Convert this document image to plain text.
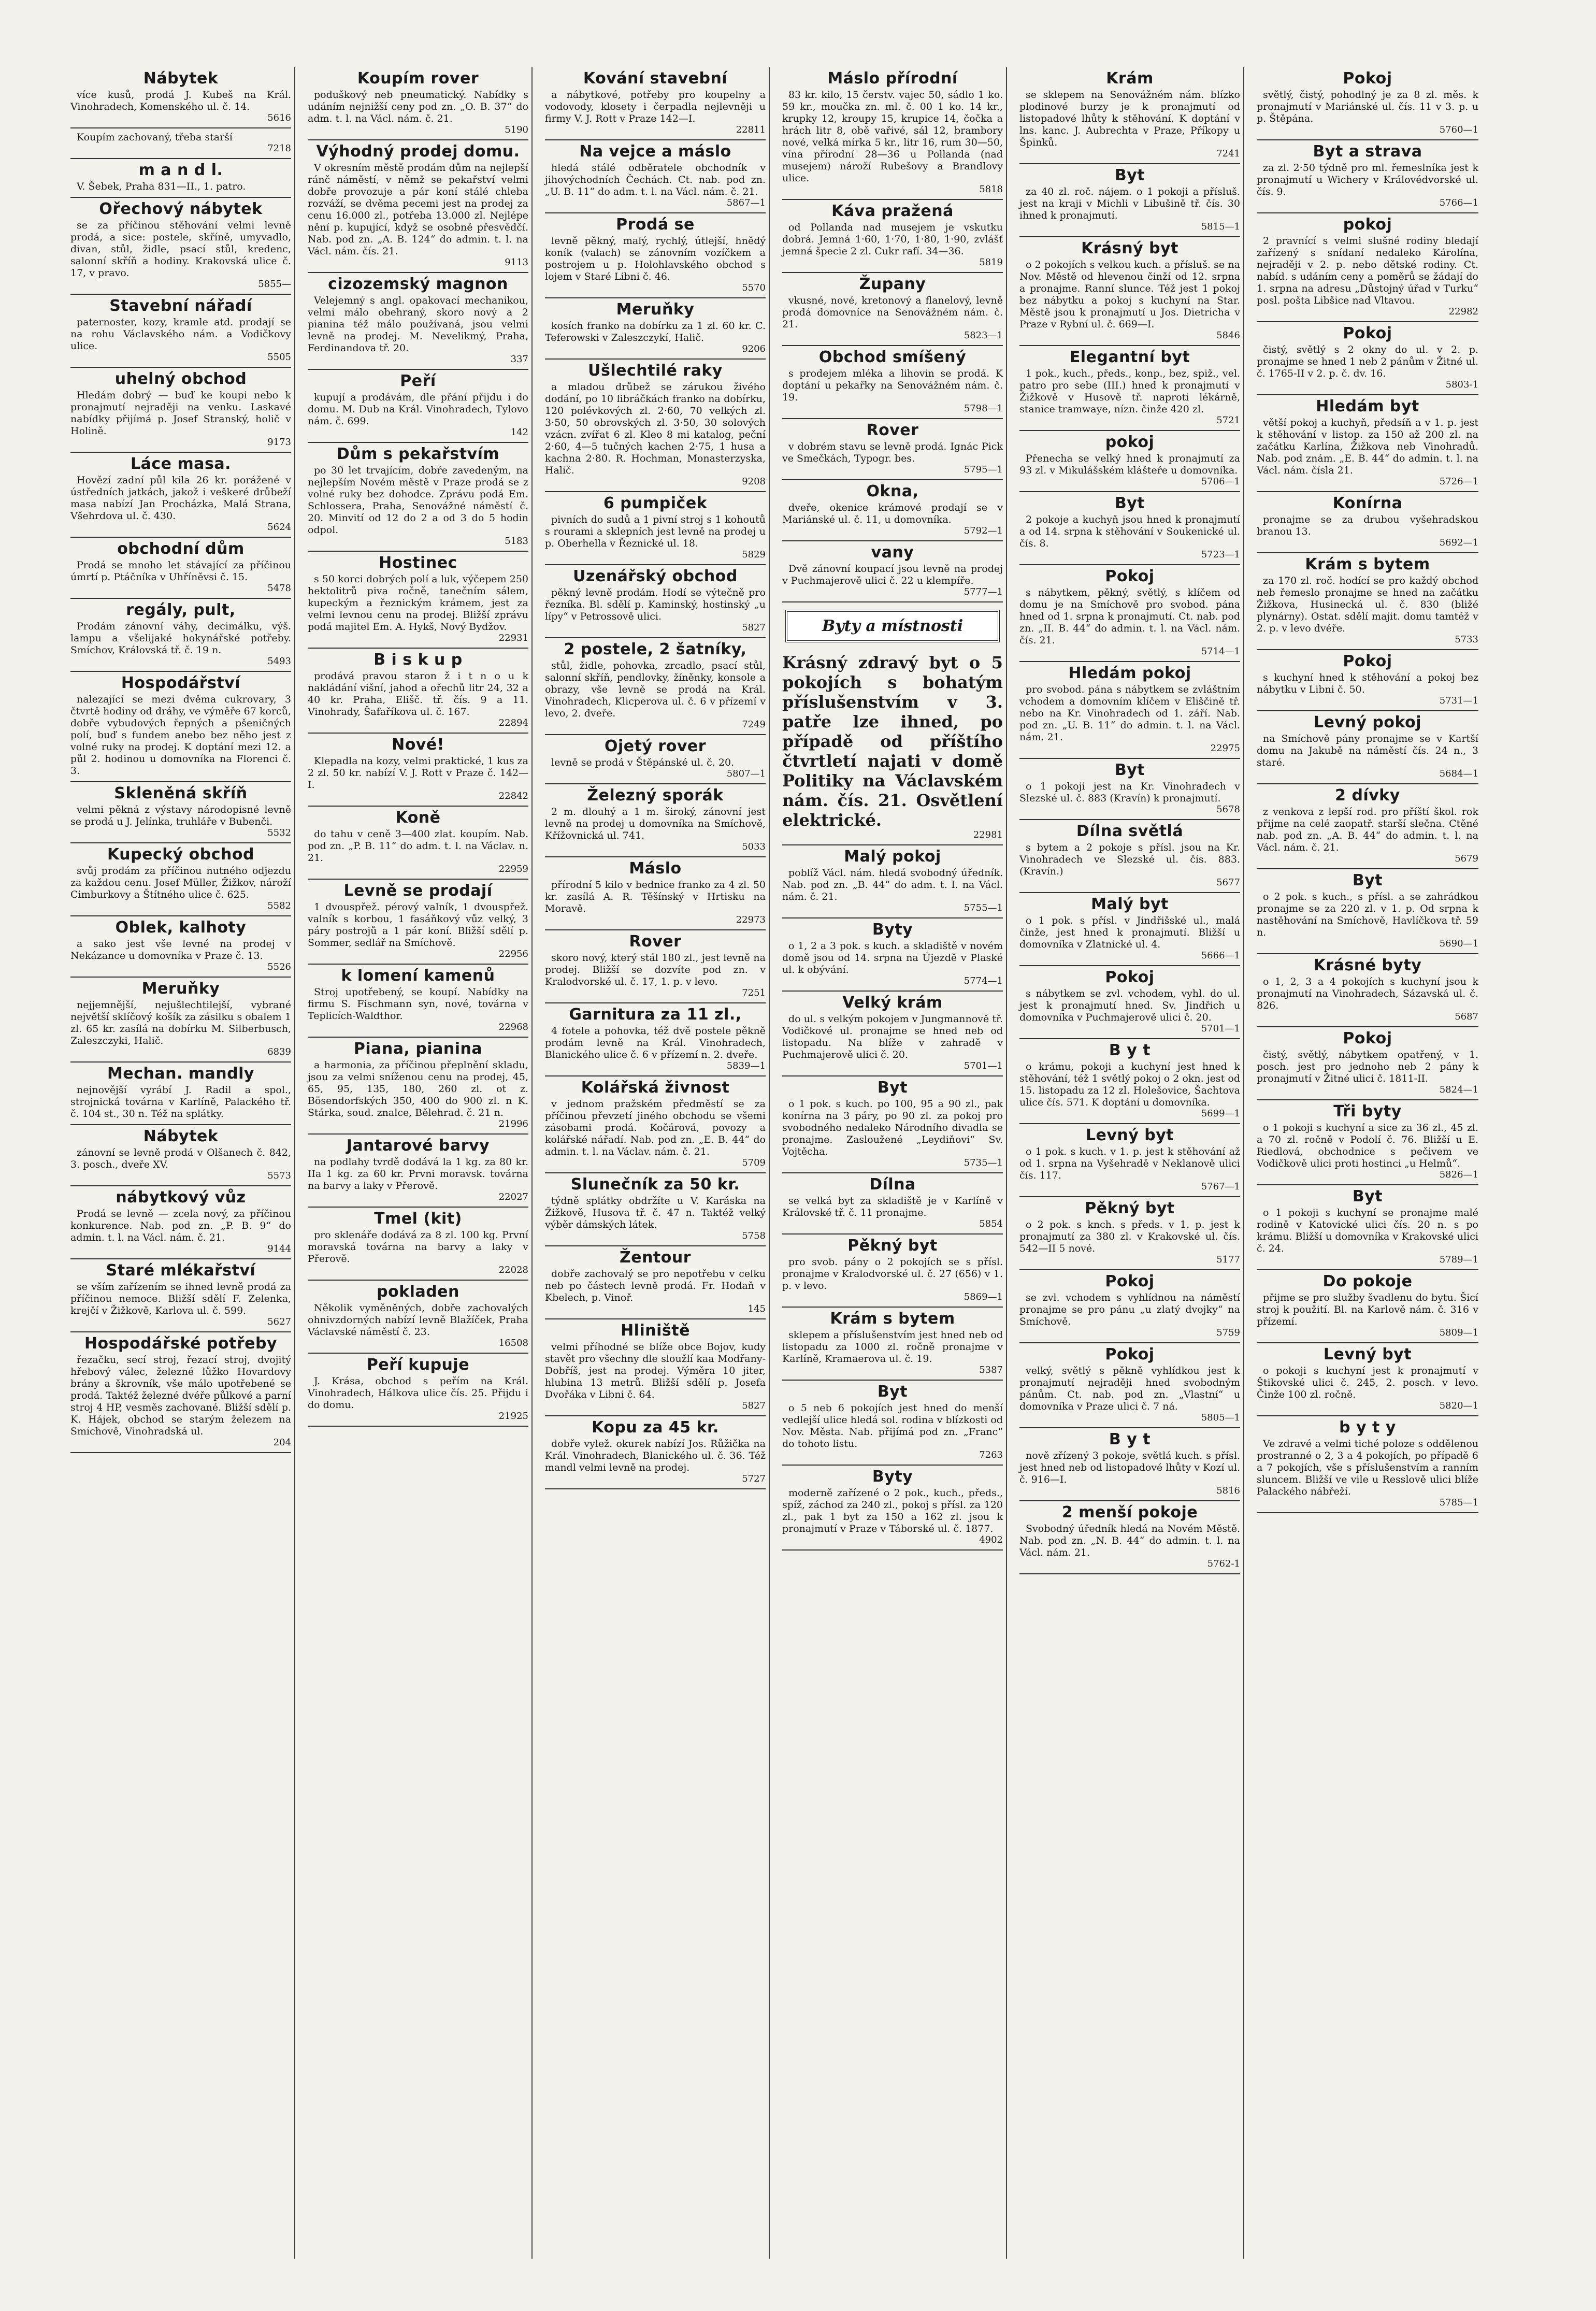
Nábytek

více kusů, prodá J. Kubeš na Král. Vinohradech, Komenského ul. č. 14.

5616

Koupím zachovaný, třeba starší

7218
m a n d l.

V. Šebek, Praha 831—II., 1. patro.

Ořechový nábytek

se za příčinou stěhování velmi levně prodá, a sice: postele, skříně, umyvadlo, divan, stůl, židle, psací stůl, kredenc, salonní skříň a hodiny. Krakovská ulice č. 17, v pravo.

5855—
Stavební nářadí

paternoster, kozy, kramle atd. prodají se na rohu Václavského nám. a Vodičkovy ulice.

5505
uhelný obchod

Hledám dobrý — buď ke koupi nebo k pronajmutí nejraději na venku. Laskavé nabídky přijímá p. Josef Stranský, holič v Holině.

9173
Láce masa.

Hovězí zadní půl kila 26 kr. porážené v ústředních jatkách, jakož i veškeré drůbeží masa nabízí Jan Procházka, Malá Strana, Všehrdova ul. č. 430.

5624
obchodní dům

Prodá se mnoho let stávající za příčinou úmrtí p. Ptáčníka v Uhříněvsi č. 15.

5478
regály, pult,

Prodám zánovní váhy, decimálku, výš. lampu a všelijaké hokynářské potřeby. Smíchov, Královská tř. č. 19 n.

5493
Hospodářství

nalezající se mezi dvěma cukrovary, 3 čtvrtě hodiny od dráhy, ve výměře 67 korců, dobře vybudových řepných a pšeničných polí, buď s fundem anebo bez něho jest z volné ruky na prodej. K doptání mezi 12. a půl 2. hodinou u domovníka na Florenci č. 3.

Skleněná skříň

velmi pěkná z výstavy národopisné levně se prodá u J. Jelínka, truhláře v Bubenči.

5532
Kupecký obchod

svůj prodám za příčinou nutného odjezdu za každou cenu. Josef Müller, Žižkov, nároží Cimburkovy a Štítného ulice č. 625.

5582
Oblek, kalhoty

a sako jest vše levné na prodej v Nekázance u domovníka v Praze č. 13.

5526
Meruňky

nejjemnější, nejušlechtilejší, vybrané největší sklíčový košík za zásilku s obalem 1 zl. 65 kr. zasílá na dobírku M. Silberbusch, Zaleszczyki, Halič.

6839
Mechan. mandly

nejnovější vyrábí J. Radil a spol., strojnická továrna v Karlíně, Palackého tř. č. 104 st., 30 n. Též na splátky.

Nábytek

zánovní se levně prodá v Olšanech č. 842, 3. posch., dveře XV.

5573
nábytkový vůz

Prodá se levně — zcela nový, za příčinou konkurence. Nab. pod zn. „P. B. 9“ do admin. t. l. na Václ. nám. č. 21.

9144
Staré mlékařství

se vším zařízením se ihned levně prodá za příčinou nemoce. Bližší sdělí F. Zelenka, krejčí v Žižkově, Karlova ul. č. 599.

5627
Hospodářské potřeby

řezačku, secí stroj, řezací stroj, dvojitý hřebový válec, železné lůžko Hovardovy brány a škrovník, vše málo upotřebené se prodá. Taktéž železné dvéře půlkové a parní stroj 4 HP, vesměs zachované. Bližší sdělí p. K. Hájek, obchod se starým železem na Smíchově, Vinohradská ul.

204
Koupím rover

poduškový neb pneumatický. Nabídky s udáním nejnižší ceny pod zn. „O. B. 37“ do adm. t. l. na Václ. nám. č. 21.

5190
Výhodný prodej domu.

V okresním městě prodám dům na nejlepší ránč náměstí, v němž se pekařství velmi dobře provozuje a pár koní stálé chleba rozváží, se dvěma pecemi jest na prodej za cenu 16.000 zl., potřeba 13.000 zl. Nejlépe nění p. kupující, když se osobně přesvědčí. Nab. pod zn. „A. B. 124“ do admin. t. l. na Václ. nám. čís. 21.

9113
cizozemský magnon

Velejemný s angl. opakovací mechanikou, velmi málo obehraný, skoro nový a 2 pianina též málo používaná, jsou velmi levně na prodej. M. Nevelikmý, Praha, Ferdinandova tř. 20.

337
Peří

kupují a prodávám, dle přání přijdu i do domu. M. Dub na Král. Vinohradech, Tylovo nám. č. 699.

142
Dům s pekařstvím

po 30 let trvajícím, dobře zavedeným, na nejlepším Novém městě v Praze prodá se z volné ruky bez dohodce. Zprávu podá Em. Schlossera, Praha, Senovážné náměstí č. 20. Minvití od 12 do 2 a od 3 do 5 hodin odpol.

5183
Hostinec

s 50 korci dobrých polí a luk, výčepem 250 hektolitrů piva ročně, tanečním sálem, kupeckým a řeznickým krámem, jest za velmi levnou cenu na prodej. Bližší zprávu podá majitel Em. A. Hykš, Nový Bydžov.

22931
B i s k u p

prodává pravou staron ž i t n o u k nakládání višní, jahod a ořechů litr 24, 32 a 40 kr. Praha, Elišč. tř. čís. 9 a 11. Vinohrady, Šafaříkova ul. č. 167.

22894
Nové!

Klepadla na kozy, velmi praktické, 1 kus za 2 zl. 50 kr. nabízí V. J. Rott v Praze č. 142—I.

22842
Koně

do tahu v ceně 3—400 zlat. koupím. Nab. pod zn. „P. B. 11“ do adm. t. l. na Václav. n. 21.

22959
Levně se prodají

1 dvouspřež. pérový valník, 1 dvouspřež. valník s korbou, 1 fasáňkový vůz velký, 3 páry postrojů a 1 pár koní. Bližší sdělí p. Sommer, sedlář na Smíchově.

22956
k lomení kamenů

Stroj upotřebený, se koupí. Nabídky na firmu S. Fischmann syn, nové, továrna v Teplicích-Waldthor.

22968
Piana, pianina

a harmonia, za příčinou přeplnění skladu, jsou za velmi sníženou cenu na prodej, 45, 65, 95, 135, 180, 260 zl. ot z. Bösendorfských 350, 400 do 900 zl. n K. Stárka, soud. znalce, Bělehrad. č. 21 n.

21996
Jantarové barvy

na podlahy tvrdě dodává la 1 kg. za 80 kr. IIa 1 kg. za 60 kr. Prvni moravsk. továrna na barvy a laky v Přerově.

22027
Tmel (kit)

pro sklenáře dodává za 8 zl. 100 kg. První moravská továrna na barvy a laky v Přerově.

22028
pokladen

Několik vyměněných, dobře zachovalých ohnivzdorných nabízí levně Blažíček, Praha Václavské náměstí č. 23.

16508
Peří kupuje

J. Krása, obchod s peřím na Král. Vinohradech, Hálkova ulice čís. 25. Přijdu i do domu.

21925
Kování stavební

a nábytkové, potřeby pro koupelny a vodovody, klosety i čerpadla nejlevněji u firmy V. J. Rott v Praze 142—I.

22811
Na vejce a máslo

hledá stálé odběratele obchodník v jihovýchodních Čechách. Ct. nab. pod zn. „U. B. 11“ do adm. t. l. na Václ. nám. č. 21.

5867—1
Prodá se

levně pěkný, malý, rychlý, útlejší, hnědý koník (valach) se zánovním vozíčkem a postrojem u p. Holohlavského obchod s lojem v Staré Libni č. 46.

5570
Meruňky

kosích franko na dobírku za 1 zl. 60 kr. C. Teferowski v Zaleszczykí, Halič.

9206
Ušlechtilé raky

a mladou drůbež se zárukou živého dodání, po 10 libráčkách franko na dobírku, 120 polévkových zl. 2·60, 70 velkých zl. 3·50, 50 obrovských zl. 3·50, 30 solových vzácn. zvířat 6 zl. Kleo 8 mi katalog, peční 2·60, 4—5 tučných kachen 2·75, 1 husa a kachna 2·80. R. Hochman, Monasterzyska, Halič.

9208
6 pumpiček

pivních do sudů a 1 pivní stroj s 1 kohoutů s rourami a sklepních jest levně na prodej u p. Oberhella v Řeznické ul. 18.

5829
Uzenářský obchod

pěkný levně prodám. Hodí se výtečně pro řezníka. Bl. sdělí p. Kaminský, hostinský „u lípy“ v Petrossově ulici.

5827
2 postele, 2 šatníky,

stůl, židle, pohovka, zrcadlo, psací stůl, salonní skříň, pendlovky, žíněnky, konsole a obrazy, vše levně se prodá na Král. Vinohradech, Klicperova ul. č. 6 v přízemí v levo, 2. dveře.

7249
Ojetý rover

levně se prodá v Štěpánské ul. č. 20.

5807—1
Železný sporák

2 m. dlouhý a 1 m. široký, zánovní jest levně na prodej u domovníka na Smíchově, Křížovnická ul. 741.

5033
Máslo

přírodní 5 kilo v bednice franko za 4 zl. 50 kr. zasílá A. R. Těšínský v Hrtisku na Moravě.

22973
Rover

skoro nový, který stál 180 zl., jest levně na prodej. Bližší se dozvíte pod zn. v Kralodvorské ul. č. 17, 1. p. v levo.

7251
Garnitura za 11 zl.,

4 fotele a pohovka, též dvě postele pěkně prodám levně na Král. Vinohradech, Blanického ulice č. 6 v přízemí n. 2. dveře.

5839—1
Kolářská živnost

v jednom pražském předměstí se za příčinou převzetí jiného obchodu se všemi zásobami prodá. Kočárová, povozy a kolářské nářadí. Nab. pod zn. „E. B. 44“ do admin. t. l. na Václav. nám. č. 21.

5709
Slunečník za 50 kr.

týdně splátky obdržíte u V. Karáska na Žižkově, Husova tř. č. 47 n. Taktéž velký výběr dámských látek.

5758
Žentour

dobře zachovalý se pro nepotřebu v celku neb po částech levně prodá. Fr. Hodaň v Kbelech, p. Vinoř.

145
Hliniště

velmi příhodné se blíže obce Bojov, kudy stavět pro všechny dle sloužlí kaa Modřany-Dobříš, jest na prodej. Výměra 10 jiter, hlubina 13 metrů. Bližší sdělí p. Josefa Dvořáka v Libni č. 64.

5827
Kopu za 45 kr.

dobře vylež. okurek nabízí Jos. Růžička na Král. Vinohradech, Blanického ul. č. 36. Též mandl velmi levně na prodej.

5727
Máslo přírodní

83 kr. kilo, 15 čerstv. vajec 50, sádlo 1 ko. 59 kr., moučka zn. ml. č. 00 1 ko. 14 kr., krupky 12, kroupy 15, krupice 14, čočka a hrách litr 8, obě vařivé, sál 12, brambory nové, velká mírka 5 kr., litr 16, rum 30—50, vína přírodní 28—36 u Pollanda (nad musejem) nároží Rubešovy a Brandlovy ulice.

5818
Káva pražená

od Pollanda nad musejem je vskutku dobrá. Jemná 1·60, 1·70, 1·80, 1·90, zvlášť jemná špecie 2 zl. Cukr rafí. 34—36.

5819
Župany

vkusné, nové, kretonový a flanelový, levně prodá domovníce na Senovážném nám. č. 21.

5823—1
Obchod smíšený

s prodejem mléka a lihovin se prodá. K doptání u pekařky na Senovážném nám. č. 19.

5798—1
Rover

v dobrém stavu se levně prodá. Ignác Pick ve Smečkách, Typogr. bes.

5795—1
Okna,

dveře, okenice krámové prodají se v Mariánské ul. č. 11, u domovníka.

5792—1
vany

Dvě zánovní koupací jsou levně na prodej v Puchmajerově ulici č. 22 u klempíře.

5777—1
Byty a místnosti

Krásný zdravý byt o 5 pokojích s bohatým příslušenstvím v 3. patře lze ihned, po případě od příštího čtvrtletí najati v domě Politiky na Václavském nám. čís. 21. Osvětlení elektrické.

22981
Malý pokoj

poblíž Václ. nám. hledá svobodný úředník. Nab. pod zn. „B. 44“ do adm. t. l. na Václ. nám. č. 21.

5755—1
Byty

o 1, 2 a 3 pok. s kuch. a skladiště v novém domě jsou od 14. srpna na Újezdě v Plaské ul. k obývání.

5774—1
Velký krám

do ul. s velkým pokojem v Jungmannově tř. Vodičkové ul. pronajme se hned neb od listopadu. Na blíže v zahradě v Puchmajerově ulici č. 20.

5701—1
Byt

o 1 pok. s kuch. po 100, 95 a 90 zl., pak konírna na 3 páry, po 90 zl. za pokoj pro svobodného nedaleko Národního divadla se pronajme. Zasloužené „Leydiňovi“ Sv. Vojtěcha.

5735—1
Dílna

se velká byt za skladiště je v Karlíně v Královské tř. č. 11 pronajme.

5854
Pěkný byt

pro svob. pány o 2 pokojích se s přísl. pronajme v Kralodvorské ul. č. 27 (656) v 1. p. v levo.

5869—1
Krám s bytem

sklepem a příslušenstvím jest hned neb od listopadu za 1000 zl. ročně pronajme v Karlíně, Kramaerova ul. č. 19.

5387
Byt

o 5 neb 6 pokojích jest hned do menší vedlejší ulice hledá sol. rodina v blízkosti od Nov. Města. Nab. přijímá pod zn. „Franc“ do tohoto listu.

7263
Byty

moderně zařízené o 2 pok., kuch., předs., spíž, záchod za 240 zl., pokoj s přísl. za 120 zl., pak 1 byt za 150 a 162 zl. jsou k pronajmutí v Praze v Táborské ul. č. 1877.

4902
Krám

se sklepem na Senovážném nám. blízko plodinové burzy je k pronajmutí od listopadové lhůty k stěhování. K doptání v lns. kanc. J. Aubrechta v Praze, Příkopy u Špinků.

7241
Byt

za 40 zl. roč. nájem. o 1 pokoji a přísluš. jest na kraji v Michli v Libušině tř. čís. 30 ihned k pronajmutí.

5815—1
Krásný byt

o 2 pokojích s velkou kuch. a přísluš. se na Nov. Městě od hlevenou činží od 12. srpna a pronajme. Ranní slunce. Též jest 1 pokoj bez nábytku a pokoj s kuchyní na Star. Městě jsou k pronajmutí u Jos. Dietricha v Praze v Rybní ul. č. 669—I.

5846
Elegantní byt

1 pok., kuch., předs., konp., bez, spiž., vel. patro pro sebe (III.) hned k pronajmutí v Žižkově v Husově tř. naproti lékárně, stanice tramwaye, nízn. činže 420 zl.

5721
pokoj

Přenecha se velký hned k pronajmutí za 93 zl. v Mikulášském klášteře u domovníka.

5706—1
Byt

2 pokoje a kuchyň jsou hned k pronajmutí a od 14. srpna k stěhování v Soukenické ul. čís. 8.

5723—1
Pokoj

s nábytkem, pěkný, světlý, s klíčem od domu je na Smíchově pro svobod. pána hned od 1. srpna k pronajmutí. Ct. nab. pod zn. „II. B. 44“ do admin. t. l. na Václ. nám. čís. 21.

5714—1
Hledám pokoj

pro svobod. pána s nábytkem se zvláštním vchodem a domovním klíčem v Eliščině tř. nebo na Kr. Vinohradech od 1. září. Nab. pod zn. „U. B. 11“ do admin. t. l. na Václ. nám. 21.

22975
Byt

o 1 pokoji jest na Kr. Vinohradech v Slezské ul. č. 883 (Kravín) k pronajmutí.

5678
Dílna světlá

s bytem a 2 pokoje s přísl. jsou na Kr. Vinohradech ve Slezské ul. čís. 883. (Kravín.)

5677
Malý byt

o 1 pok. s přísl. v Jindřišské ul., malá činže, jest hned k pronajmutí. Bližší u domovníka v Zlatnické ul. 4.

5666—1
Pokoj

s nábytkem se zvl. vchodem, vyhl. do ul. jest k pronajmutí hned. Sv. Jindřich u domovníka v Puchmajerově ulici č. 20.

5701—1
B y t

o krámu, pokoji a kuchyní jest hned k stěhování, též 1 světlý pokoj o 2 okn. jest od 15. listopadu za 12 zl. Holešovice, Šachtova ulice čís. 571. K doptání u domovníka.

5699—1
Levný byt

o 1 pok. s kuch. v 1. p. jest k stěhování až od 1. srpna na Vyšehradě v Neklanově ulici čís. 117.

5767—1
Pěkný byt

o 2 pok. s knch. s předs. v 1. p. jest k pronajmutí za 380 zl. v Krakovské ul. čís. 542—II 5 nové.

5177
Pokoj

se zvl. vchodem s vyhlídnou na náměstí pronajme se pro pánu „u zlatý dvojky“ na Smíchově.

5759
Pokoj

velký, světlý s pěkně vyhlídkou jest k pronajmutí nejraději hned svobodným pánům. Ct. nab. pod zn. „Vlastní“ u domovníka v Praze ulici č. 7 ná.

5805—1
B y t

nově zřízený 3 pokoje, světlá kuch. s přísl. jest hned neb od listopadové lhůty v Kozí ul. č. 916—I.

5816
2 menší pokoje

Svobodný úředník hledá na Novém Městě. Nab. pod zn. „N. B. 44“ do admin. t. l. na Václ. nám. 21.

5762-1
Pokoj

světlý, čistý, pohodlný je za 8 zl. měs. k pronajmutí v Mariánské ul. čís. 11 v 3. p. u p. Štěpána.

5760—1
Byt a strava

za zl. 2·50 týdně pro ml. řemeslníka jest k pronajmutí u Wichery v Královédvorské ul. čís. 9.

5766—1
pokoj

2 pravnící s velmi slušné rodiny bledají zařízený s snídaní nedaleko Károlína, nejraději v 2. p. nebo dětské rodiny. Ct. nabíd. s udáním ceny a poměrů se žádají do 1. srpna na adresu „Důstojný úřad v Turku“ posl. pošta Libšice nad Vltavou.

22982
Pokoj

čistý, světlý s 2 okny do ul. v 2. p. pronajme se hned 1 neb 2 pánům v Žitné ul. č. 1765-II v 2. p. č. dv. 16.

5803-1
Hledám byt

větší pokoj a kuchyň, předsíň a v 1. p. jest k stěhování v listop. za 150 až 200 zl. na začátku Karlína, Žižkova neb Vinohradů. Nab. pod znám. „E. B. 44“ do admin. t. l. na Václ. nám. čísla 21.

5726—1
Konírna

pronajme se za drubou vyšehradskou branou 13.

5692—1
Krám s bytem

za 170 zl. roč. hodící se pro každý obchod neb řemeslo pronajme se hned na začátku Žižkova, Husinecká ul. č. 830 (bližé plynárny). Ostat. sdělí majit. domu tamtéž v 2. p. v levo dvéře.

5733
Pokoj

s kuchyní hned k stěhování a pokoj bez nábytku v Libni č. 50.

5731—1
Levný pokoj

na Smíchově pány pronajme se v Kartší domu na Jakubě na náměstí čís. 24 n., 3 staré.

5684—1
2 dívky

z venkova z lepší rod. pro příští škol. rok přijme na celé zaopatř. starší slečna. Ctěné nab. pod zn. „A. B. 44“ do admin. t. l. na Václ. nám. č. 21.

5679
Byt

o 2 pok. s kuch., s přísl. a se zahrádkou pronajme se za 220 zl. v 1. p. Od srpna k nastěhování na Smíchově, Havlíčkova tř. 59 n.

5690—1
Krásné byty

o 1, 2, 3 a 4 pokojích s kuchyní jsou k pronajmutí na Vinohradech, Sázavská ul. č. 826.

5687
Pokoj

čistý, světlý, nábytkem opatřený, v 1. posch. jest pro jednoho neb 2 pány k pronajmutí v Žitné ulici č. 1811-II.

5824—1
Tři byty

o 1 pokoji s kuchyní a sice za 36 zl., 45 zl. a 70 zl. ročně v Podolí č. 76. Bližší u E. Riedlová, obchodnice s pečivem ve Vodičkově ulici proti hostinci „u Helmů“.

5826—1
Byt

o 1 pokoji s kuchyní se pronajme malé rodině v Katovické ulici čís. 20 n. s po krámu. Bližší u domovníka v Krakovské ulici č. 24.

5789—1
Do pokoje

přijme se pro služby švadlenu do bytu. Šicí stroj k použití. Bl. na Karlově nám. č. 316 v přízemí.

5809—1
Levný byt

o pokoji s kuchyní jest k pronajmutí v Štikovské ulici č. 245, 2. posch. v levo. Činže 100 zl. ročně.

5820—1
b y t y

Ve zdravé a velmi tiché poloze s oddělenou prostranné o 2, 3 a 4 pokojích, po případě 6 a 7 pokojích, vše s příslušenstvím a ranním sluncem. Bližší ve vile u Resslově ulici blíže Palackého nábřeží.

5785—1
